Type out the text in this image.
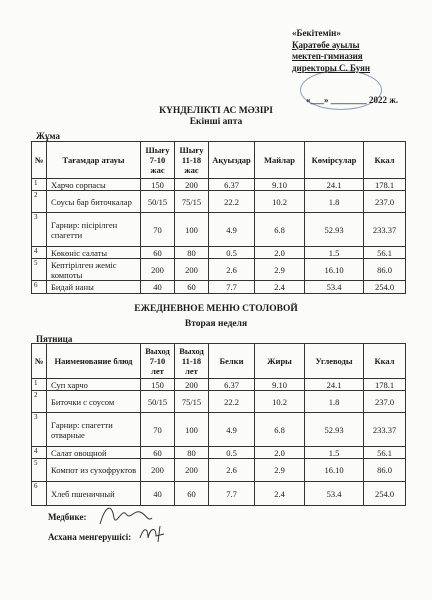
«Бекітемін»
Қаратөбе ауылы
мектеп-гимназия
директоры С. Буян
«___» ________ 2022 ж.
КҮНДЕЛІКТІ АС МӘЗІРІ
Екінші апта
Жұма
№	Тағамдар атауы	Шығу 7-10 жас	Шығу 11-18 жас	Ақуыздар	Майлар	Көмірсулар	Ккал
1	Харчо сорпасы	150	200	6.37	9.10	24.1	178.1
2	Соусы бар биточкалар	50/15	75/15	22.2	10.2	1.8	237.0
3	Гарнир: пісірілген спагетти	70	100	4.9	6.8	52.93	233.37
4	Көкөніс салаты	60	80	0.5	2.0	1.5	56.1
5	Кептірілген жеміс компоты	200	200	2.6	2.9	16.10	86.0
6	Бидай наны	40	60	7.7	2.4	53.4	254.0
ЕЖЕДНЕВНОЕ МЕНЮ СТОЛОВОЙ
Вторая неделя
Пятница
№	Наименование блюд	Выход 7-10 лет	Выход 11-18 лет	Белки	Жиры	Углеводы	Ккал
1	Суп харчо	150	200	6.37	9.10	24.1	178.1
2	Биточки с соусом	50/15	75/15	22.2	10.2	1.8	237.0
3	Гарнир: спагетти отварные	70	100	4.9	6.8	52.93	233.37
4	Салат овощной	60	80	0.5	2.0	1.5	56.1
5	Компот из сухофруктов	200	200	2.6	2.9	16.10	86.0
6	Хлеб пшеничный	40	60	7.7	2.4	53.4	254.0
Медбике:
Асхана менгерушісі:
